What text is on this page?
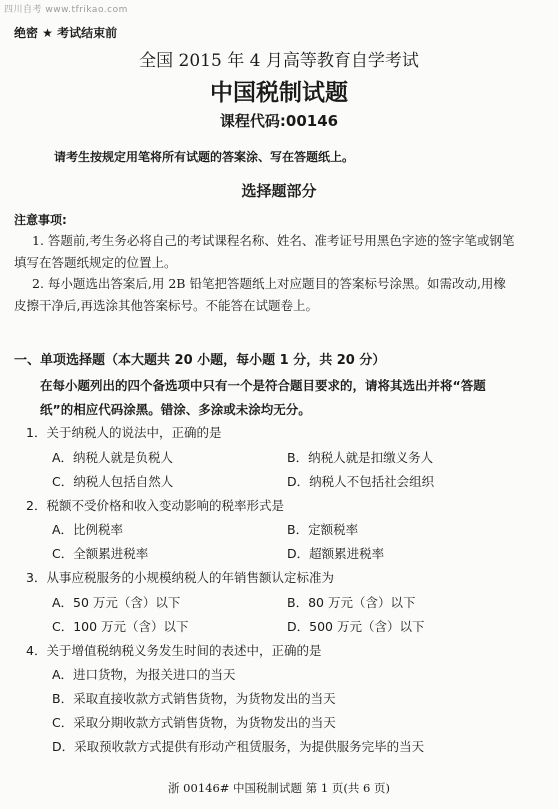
四川自考 www.tfrikao.com
绝密 ★ 考试结束前
全国 2015 年 4 月高等教育自学考试
中国税制试题
课程代码:00146
请考生按规定用笔将所有试题的答案涂、写在答题纸上。
选择题部分
注意事项:
1. 答题前,考生务必将自己的考试课程名称、姓名、准考证号用黑色字迹的签字笔或钢笔
填写在答题纸规定的位置上。
2. 每小题选出答案后,用 2B 铅笔把答题纸上对应题目的答案标号涂黑。如需改动,用橡
皮擦干净后,再选涂其他答案标号。不能答在试题卷上。
一、单项选择题（本大题共 20 小题，每小题 1 分，共 20 分）
在每小题列出的四个备选项中只有一个是符合题目要求的，请将其选出并将“答题
纸”的相应代码涂黑。错涂、多涂或未涂均无分。
1．关于纳税人的说法中，正确的是
A．纳税人就是负税人	B．纳税人就是扣缴义务人
C．纳税人包括自然人	D．纳税人不包括社会组织
2．税额不受价格和收入变动影响的税率形式是
A．比例税率	B．定额税率
C．全额累进税率	D．超额累进税率
3．从事应税服务的小规模纳税人的年销售额认定标准为
A．50 万元（含）以下	B．80 万元（含）以下
C．100 万元（含）以下	D．500 万元（含）以下
4．关于增值税纳税义务发生时间的表述中，正确的是
A．进口货物，为报关进口的当天
B．采取直接收款方式销售货物，为货物发出的当天
C．采取分期收款方式销售货物，为货物发出的当天
D．采取预收款方式提供有形动产租赁服务，为提供服务完毕的当天
浙 00146# 中国税制试题 第 1 页(共 6 页)
